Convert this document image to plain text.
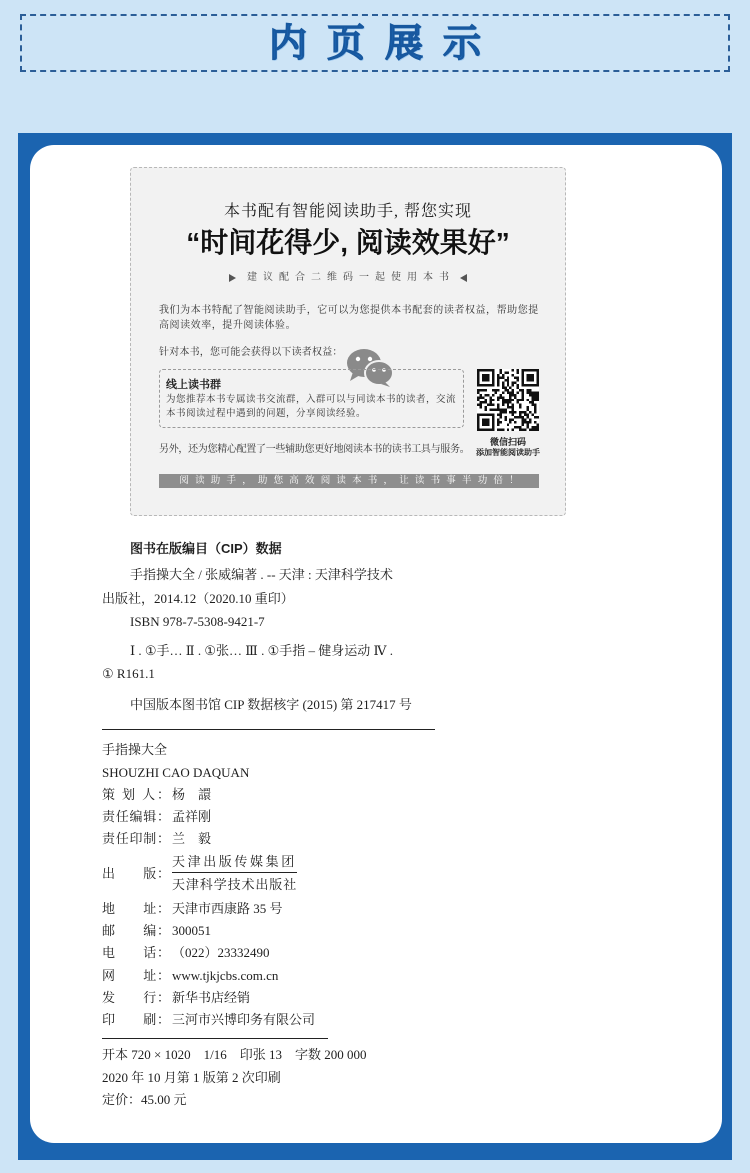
内页展示
本书配有智能阅读助手, 帮您实现
“时间花得少, 阅读效果好”
建议配合二维码一起使用本书
我们为本书特配了智能阅读助手，它可以为您提供本书配套的读者权益，帮助您提高阅读效率，提升阅读体验。
针对本书，您可能会获得以下读者权益：
线上读书群
为您推荐本书专属读书交流群，入群可以与同读本书的读者，交流本书阅读过程中遇到的问题，分享阅读经验。
微信扫码
添加智能阅读助手
另外，还为您精心配置了一些辅助您更好地阅读本书的读书工具与服务。
阅读助手，助您高效阅读本书，让读书事半功倍！
图书在版编目（CIP）数据
手指操大全 / 张威编著 . -- 天津 : 天津科学技术
出版社，2014.12（2020.10 重印）
ISBN 978-7-5308-9421-7
Ⅰ . ①手… Ⅱ . ①张… Ⅲ . ①手指 – 健身运动 Ⅳ .
① R161.1
中国版本图书馆 CIP 数据核字 (2015) 第 217417 号
手指操大全
SHOUZHI CAO DAQUAN
策 划 人： 杨　譞
责任编辑： 孟祥刚
责任印制： 兰　毅
出　　版：
天津出版传媒集团
天津科学技术出版社
地　　址： 天津市西康路 35 号
邮　　编： 300051
电　　话： （022）23332490
网　　址： www.tjkjcbs.com.cn
发　　行： 新华书店经销
印　　刷： 三河市兴博印务有限公司
开本 720 × 1020　1/16　印张 13　字数 200 000
2020 年 10 月第 1 版第 2 次印刷
定价：45.00 元
